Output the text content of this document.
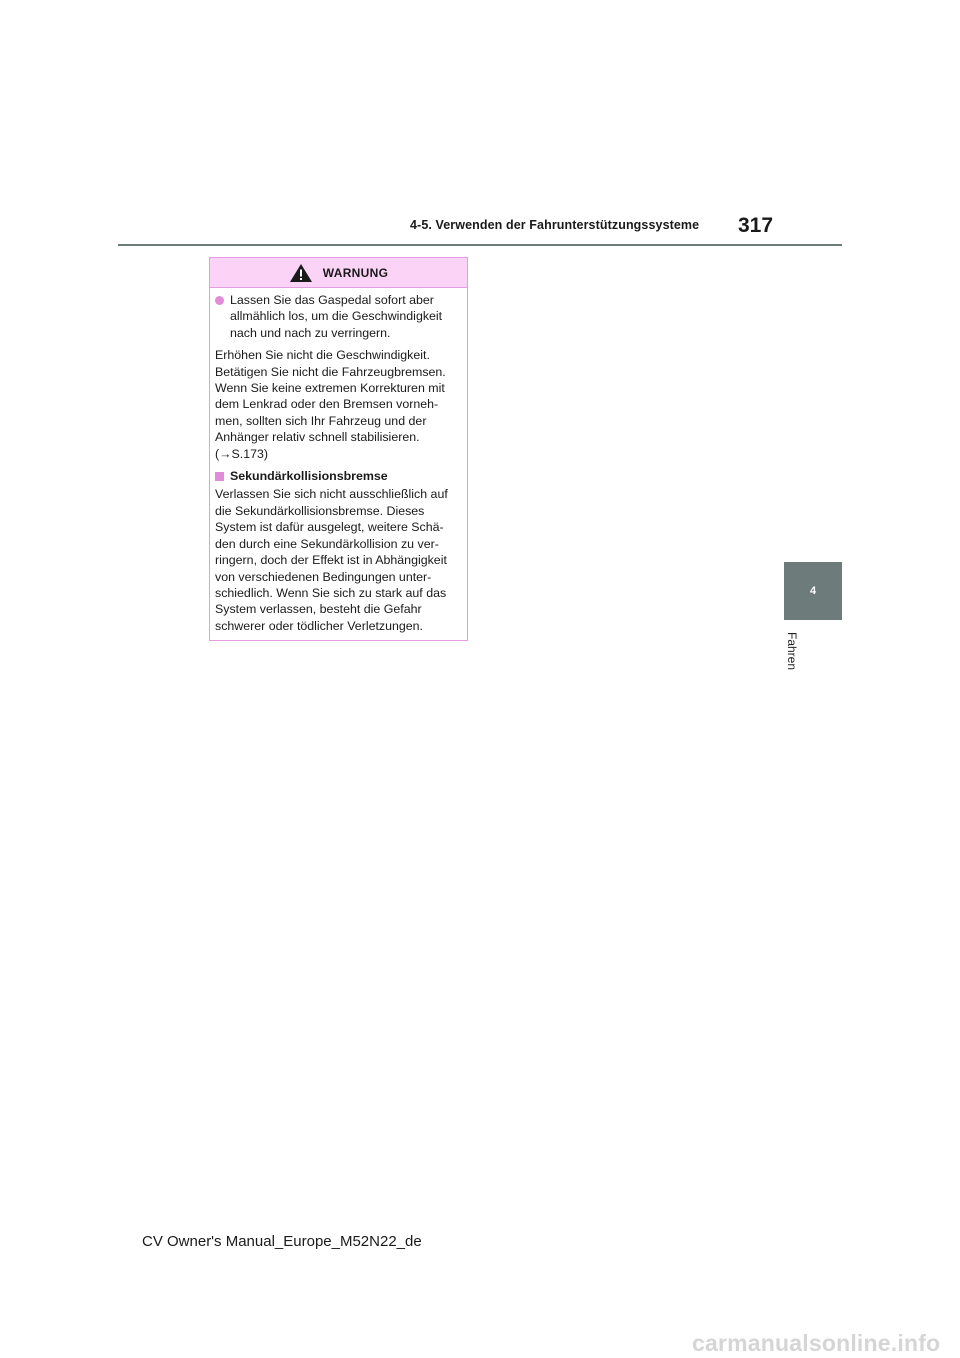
4-5. Verwenden der Fahrunterstützungssysteme 317
4
Fahren
WARNUNG
Lassen Sie das Gaspedal sofort aber allmählich los, um die Geschwindigkeit nach und nach zu verringern.

Erhöhen Sie nicht die Geschwindigkeit. Betätigen Sie nicht die Fahrzeugbremsen. Wenn Sie keine extremen Korrekturen mit dem Lenkrad oder den Bremsen vorneh-men, sollten sich Ihr Fahrzeug und der Anhänger relativ schnell stabilisieren. (→S.173)

Sekundärkollisionsbremse

Verlassen Sie sich nicht ausschließlich auf die Sekundärkollisionsbremse. Dieses System ist dafür ausgelegt, weitere Schä-den durch eine Sekundärkollision zu ver-ringern, doch der Effekt ist in Abhängigkeit von verschiedenen Bedingungen unter-schiedlich. Wenn Sie sich zu stark auf das System verlassen, besteht die Gefahr schwerer oder tödlicher Verletzungen.

CV Owner's Manual_Europe_M52N22_de
carmanualsonline.info
